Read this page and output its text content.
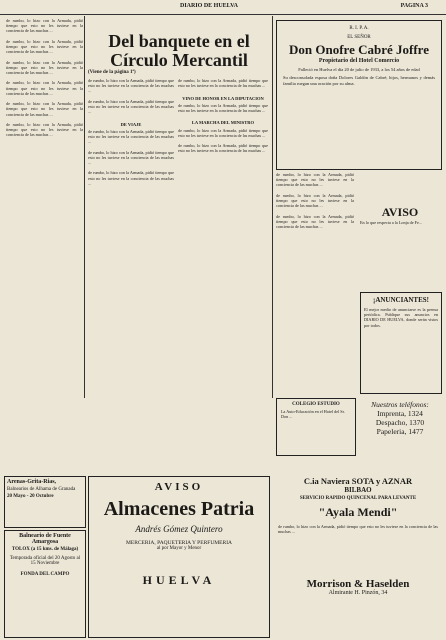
DIARIO DE HUELVA	PAGINA 3
de rumbo, lo hizo con la Armada, pidió tiempo que esto no les tuviese en la conciencia de las muchas ...

de rumbo, lo hizo con la Armada, pidió tiempo que esto no les tuviese en la conciencia de las muchas ...

de rumbo, lo hizo con la Armada, pidió tiempo que esto no les tuviese en la conciencia de las muchas ...

de rumbo, lo hizo con la Armada, pidió tiempo que esto no les tuviese en la conciencia de las muchas ...

de rumbo, lo hizo con la Armada, pidió tiempo que esto no les tuviese en la conciencia de las muchas ...

de rumbo, lo hizo con la Armada, pidió tiempo que esto no les tuviese en la conciencia de las muchas ...
Del banquete en el Círculo Mercantil
(Viene de la página 1ª)
de rumbo, lo hizo con la Armada, pidió tiempo que esto no les tuviese en la conciencia de las muchas ...

de rumbo, lo hizo con la Armada, pidió tiempo que esto no les tuviese en la conciencia de las muchas ...

DE VIAJE
de rumbo, lo hizo con la Armada, pidió tiempo que esto no les tuviese en la conciencia de las muchas ...

de rumbo, lo hizo con la Armada, pidió tiempo que esto no les tuviese en la conciencia de las muchas ...

de rumbo, lo hizo con la Armada, pidió tiempo que esto no les tuviese en la conciencia de las muchas ...
de rumbo, lo hizo con la Armada, pidió tiempo que esto no les tuviese en la conciencia de las muchas ...

VINO DE HONOR EN LA DIPUTACION
de rumbo, lo hizo con la Armada, pidió tiempo que esto no les tuviese en la conciencia de las muchas ...

LA MARCHA DEL MINISTRO
de rumbo, lo hizo con la Armada, pidió tiempo que esto no les tuviese en la conciencia de las muchas ...

de rumbo, lo hizo con la Armada, pidió tiempo que esto no les tuviese en la conciencia de las muchas ...
R. I. P. A.
EL SEÑOR
Don Onofre Cabré Joffre
Propietario del Hotel Comercio
Falleció en Huelva el día 20 de julio de 1933, a los 54 años de edad
Su desconsolada esposa doña Dolores Galdón de Cabré; hijos, hermanos y demás familia ruegan una oración por su alma.
de rumbo, lo hizo con la Armada, pidió tiempo que esto no les tuviese en la conciencia de las muchas ...

de rumbo, lo hizo con la Armada, pidió tiempo que esto no les tuviese en la conciencia de las muchas ...

de rumbo, lo hizo con la Armada, pidió tiempo que esto no les tuviese en la conciencia de las muchas ...
AVISO
En lo que respecta a la Lonja de Fe...
¡ANUNCIANTES!
El mejor medio de anunciarse es la prensa periódica. Publique sus anuncios en DIARIO DE HUELVA, donde serán vistos por todos.
Nuestros teléfonos:
Imprenta, 1324
Despacho, 1370
Papeleria, 1477
COLEGIO ESTUDIO
La Auto-Educación en el Hotel del Sr. Don ...
Arenas-Grita-Rias,
Balnearios de Alhama de Granada
20 Mayo - 20 Octubre
Balneario de Fuente Amargosa
TOLOX (a 15 kms. de Málaga)
Temporada oficial del 20 Agosto al 15 Noviembre
FONDA DEL CAMPO
AVISO
Almacenes Patria
Andrés Gómez Quintero
MERCERIA, PAQUETERIA Y PERFUMERIA
al por Mayor y Menor
HUELVA
C.ia Naviera SOTA y AZNAR
BILBAO
SERVICIO RAPIDO QUINCENAL PARA LEVANTE
"Ayala Mendi"
de rumbo, lo hizo con la Armada, pidió tiempo que esto no les tuviese en la conciencia de las muchas ...
Morrison & Haselden
Almirante H. Pinzón, 34
